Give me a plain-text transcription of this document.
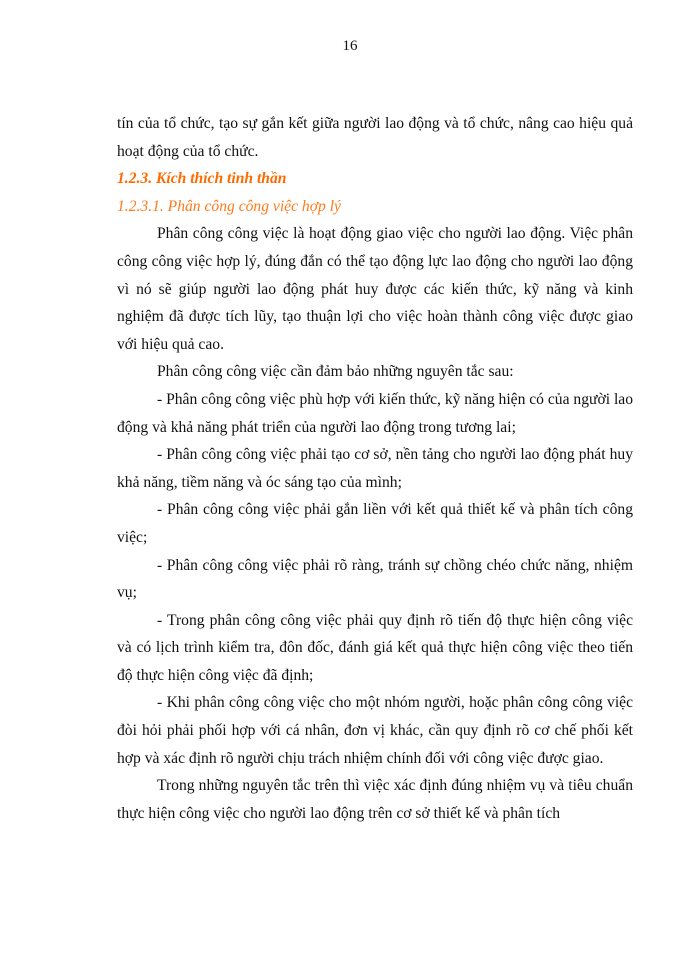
16

tín của tổ chức, tạo sự gắn kết giữa người lao động và tổ chức, nâng cao hiệu quả hoạt động của tổ chức.

1.2.3. Kích thích tinh thần
1.2.3.1. Phân công công việc hợp lý

Phân công công việc là hoạt động giao việc cho người lao động. Việc phân công công việc hợp lý, đúng đắn có thể tạo động lực lao động cho người lao động vì nó sẽ giúp người lao động phát huy được các kiến thức, kỹ năng và kinh nghiệm đã được tích lũy, tạo thuận lợi cho việc hoàn thành công việc được giao với hiệu quả cao.

Phân công công việc cần đảm bảo những nguyên tắc sau:

- Phân công công việc phù hợp với kiến thức, kỹ năng hiện có của người lao động và khả năng phát triển của người lao động trong tương lai;

- Phân công công việc phải tạo cơ sở, nền tảng cho người lao động phát huy khả năng, tiềm năng và óc sáng tạo của mình;

- Phân công công việc phải gắn liền với kết quả thiết kế và phân tích công việc;

- Phân công công việc phải rõ ràng, tránh sự chồng chéo chức năng, nhiệm vụ;

- Trong phân công công việc phải quy định rõ tiến độ thực hiện công việc và có lịch trình kiểm tra, đôn đốc, đánh giá kết quả thực hiện công việc theo tiến độ thực hiện công việc đã định;

- Khi phân công công việc cho một nhóm người, hoặc phân công công việc đòi hỏi phải phối hợp với cá nhân, đơn vị khác, cần quy định rõ cơ chế phối kết hợp và xác định rõ người chịu trách nhiệm chính đối với công việc được giao.

Trong những nguyên tắc trên thì việc xác định đúng nhiệm vụ và tiêu chuẩn thực hiện công việc cho người lao động trên cơ sở thiết kế và phân tích
